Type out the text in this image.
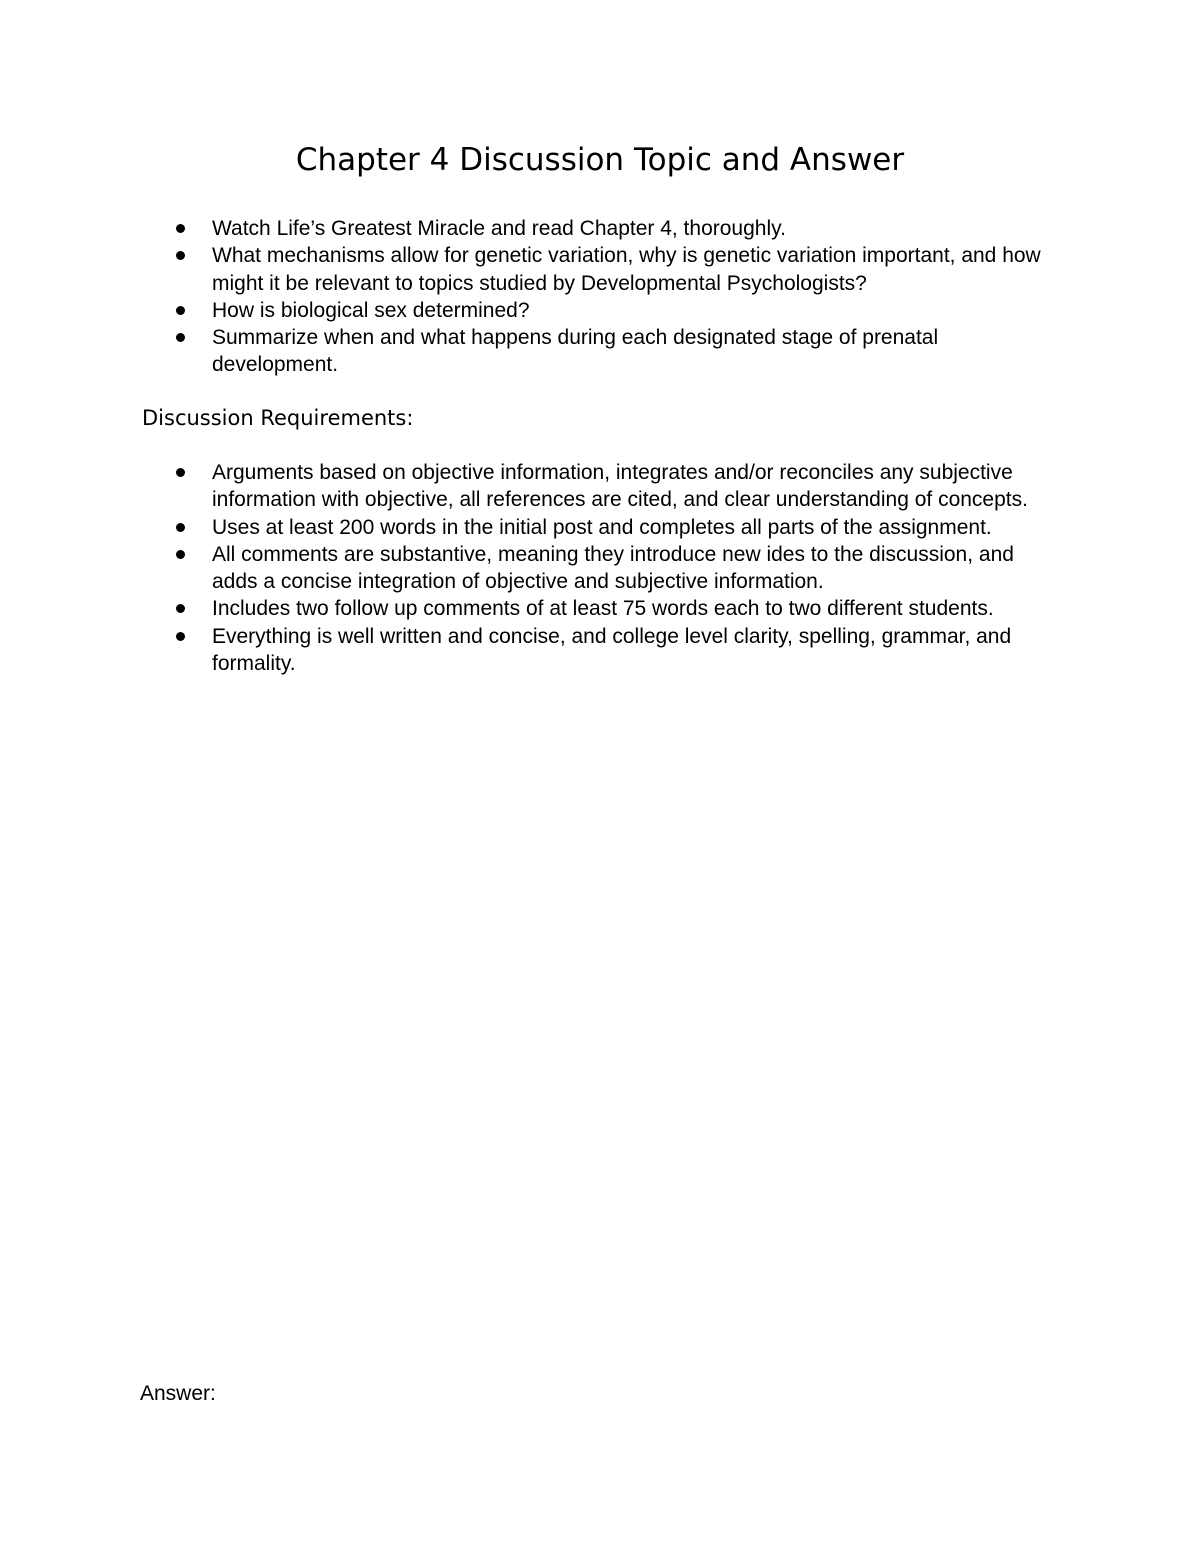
Chapter 4 Discussion Topic and Answer
Watch Life’s Greatest Miracle and read Chapter 4, thoroughly.
What mechanisms allow for genetic variation, why is genetic variation important, and how might it be relevant to topics studied by Developmental Psychologists?
How is biological sex determined?
Summarize when and what happens during each designated stage of prenatal development.
Discussion Requirements:
Arguments based on objective information, integrates and/or reconciles any subjective information with objective, all references are cited, and clear understanding of concepts.
Uses at least 200 words in the initial post and completes all parts of the assignment.
All comments are substantive, meaning they introduce new ides to the discussion, and adds a concise integration of objective and subjective information.
Includes two follow up comments of at least 75 words each to two different students.
Everything is well written and concise, and college level clarity, spelling, grammar, and formality.

Answer:
